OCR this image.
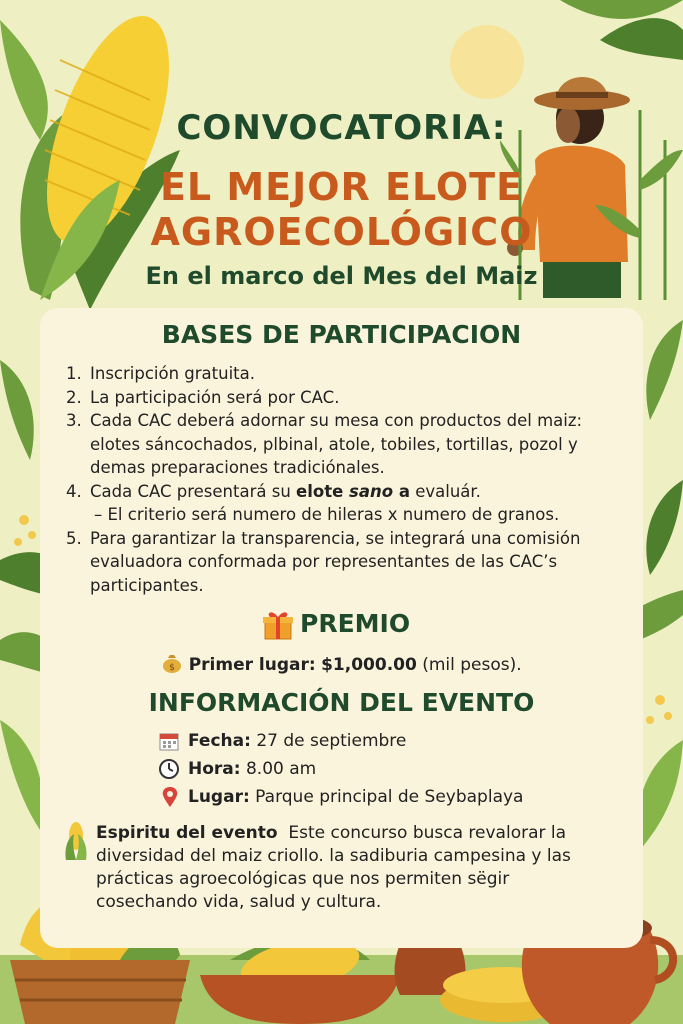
CONVOCATORIA:
EL MEJOR ELOTE
AGROECOLÓGICO
En el marco del Mes del Maiz
BASES DE PARTICIPACION
1. Inscripción gratuita.
2. La participación será por CAC.
3. Cada CAC deberá adornar su mesa con productos del maiz: elotes sáncochados, plbinal, atole, tobiles, tortillas, pozol y demas preparaciones tradiciónales.
4. Cada CAC presentará su elote sano a evaluár.
– El criterio será numero de hileras x numero de granos.
5. Para garantizar la transparencia, se integrará una comisión evaluadora conformada por representantes de las CAC’s participantes.
PREMIO
$ Primer lugar: $1,000.00 (mil pesos).
INFORMACIÓN DEL EVENTO
Fecha: 27 de septiembre
Hora: 8.00 am
Lugar: Parque principal de Seybaplaya
Espiritu del evento Este concurso busca revalorar la diversidad del maiz criollo. la sadiburia campesina y las prácticas agroecológicas que nos permiten sëgir cosechando vida, salud y cultura.
